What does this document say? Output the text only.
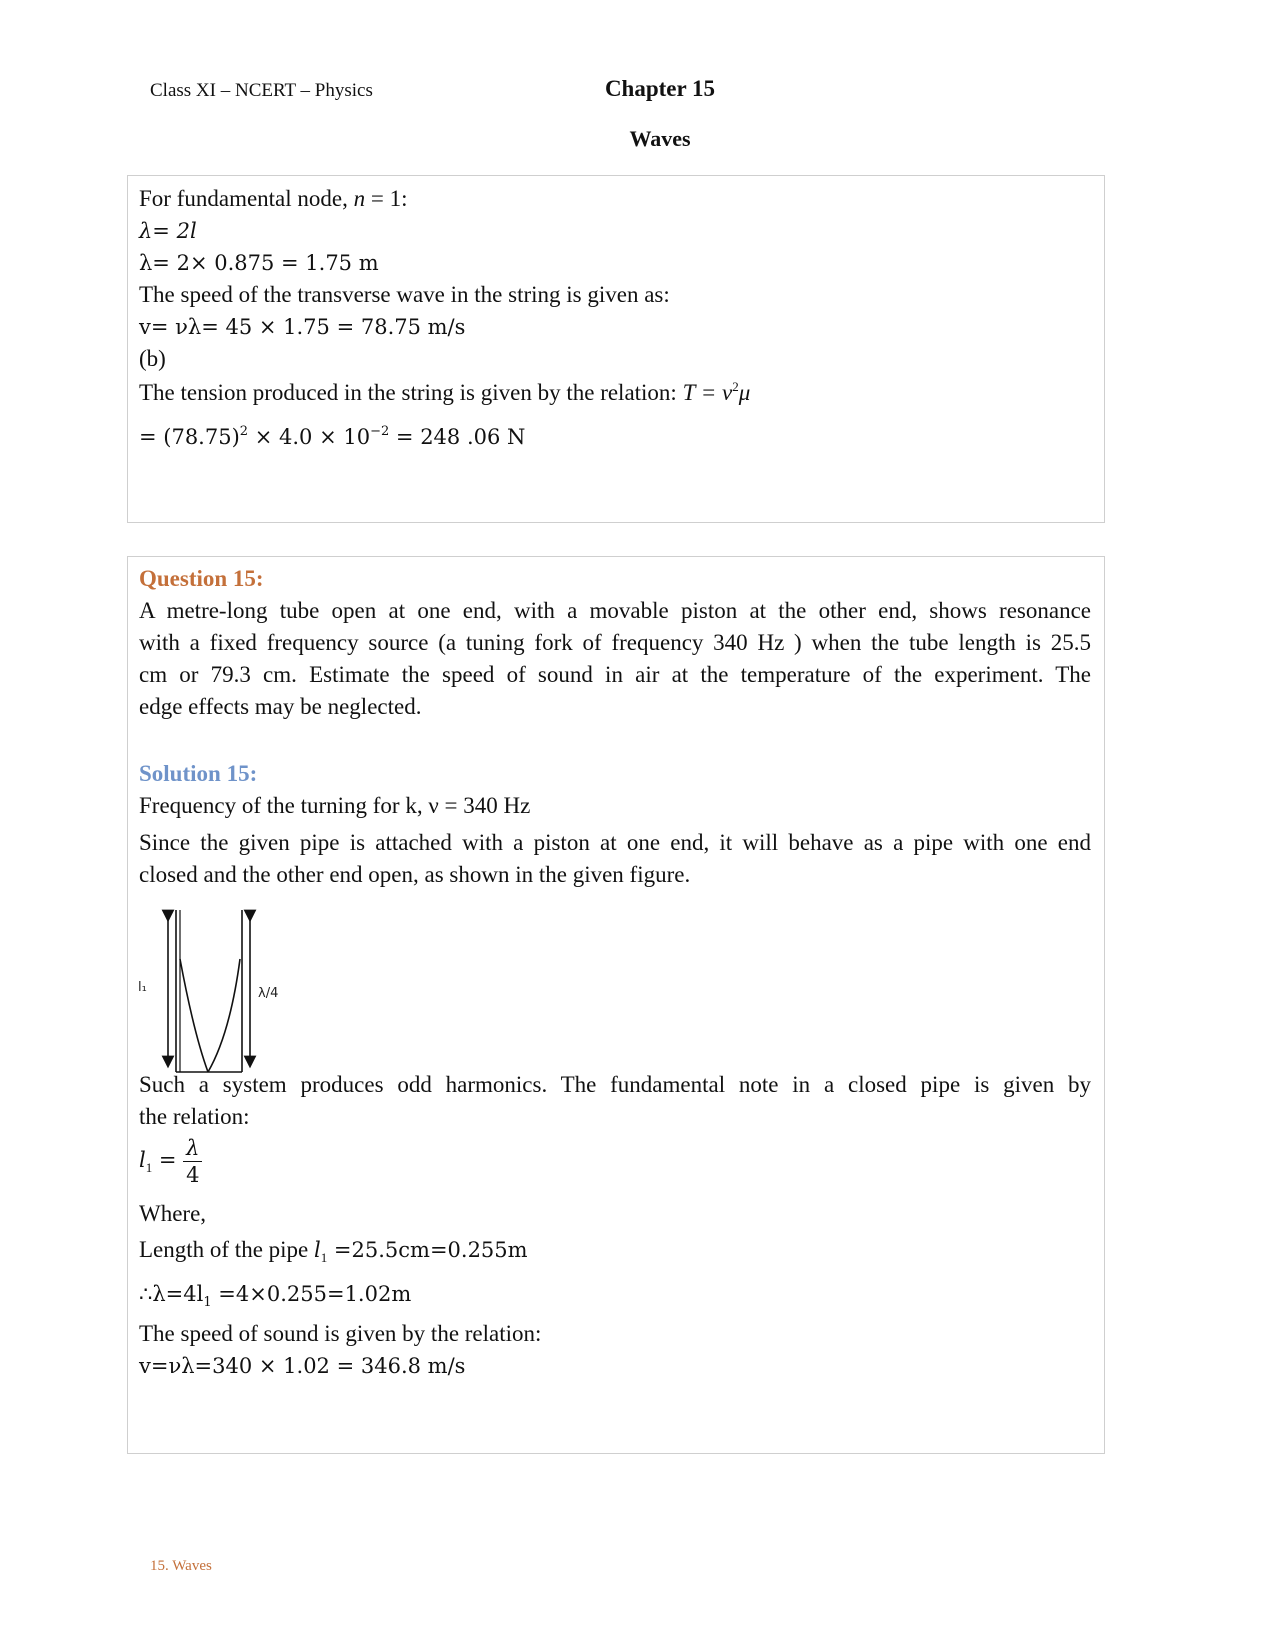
Class XI – NCERT – Physics	Chapter 15
Waves
For fundamental node, n = 1:
λ= 2l
λ= 2× 0.875 = 1.75 m
The speed of the transverse wave in the string is given as:
v= νλ= 45 × 1.75 = 78.75 m/s
(b)
The tension produced in the string is given by the relation: $T = v^2\mu$
= $(78.75)^2 \times 4.0 \times 10^{-2} = 248$ .06 N
Question 15:
A metre-long tube open at one end, with a movable piston at the other end, shows resonance
with a fixed frequency source (a tuning fork of frequency 340 Hz ) when the tube length is 25.5
cm or 79.3 cm. Estimate the speed of sound in air at the temperature of the experiment. The
edge effects may be neglected.
Solution 15:
Frequency of the turning for k, ν = 340 Hz
Since the given pipe is attached with a piston at one end, it will behave as a pipe with one end
closed and the other end open, as shown in the given figure.
l₁	λ/4
Such a system produces odd harmonics. The fundamental note in a closed pipe is given by
the relation:
$l_1 = \frac{\lambda}{4}$
Where,
Length of the pipe $l_1 =25.5cm=0.255m$
$\therefore\lambda=4l_1 =4\times 0.255=1.02m$
The speed of sound is given by the relation:
v=νλ=340 × 1.02 = 346.8 m/s
15. Waves
